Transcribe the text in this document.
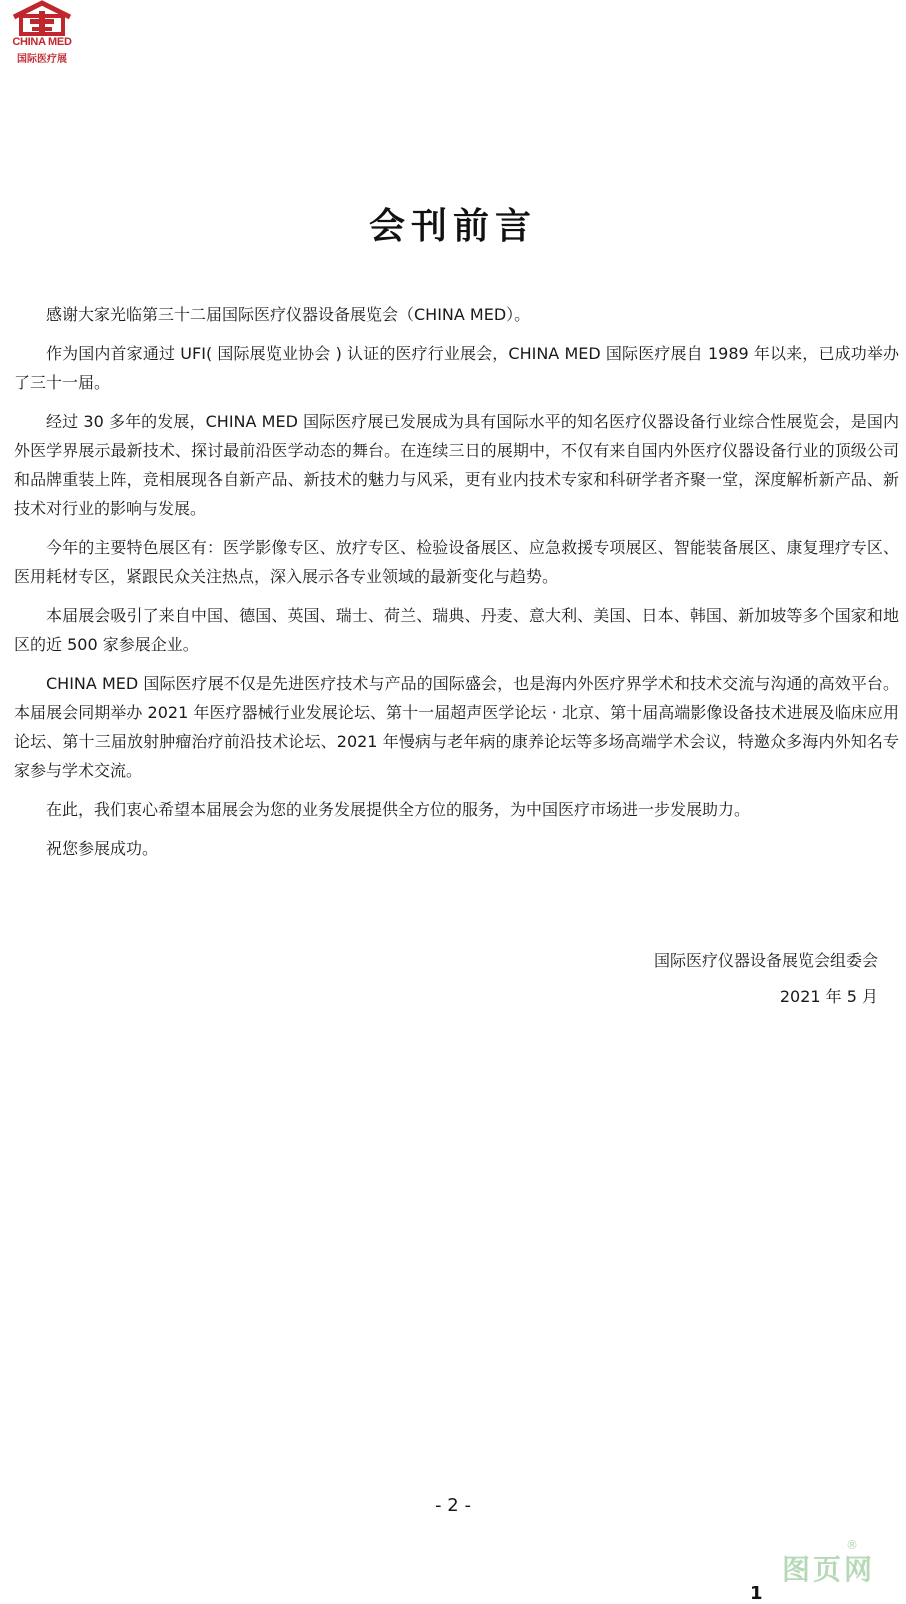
CHINA MED
国际医疗展
会刊前言

感谢大家光临第三十二届国际医疗仪器设备展览会（CHINA MED）。

作为国内首家通过 UFI( 国际展览业协会 ) 认证的医疗行业展会，CHINA MED 国际医疗展自 1989 年以来，已成功举办了三十一届。

经过 30 多年的发展，CHINA MED 国际医疗展已发展成为具有国际水平的知名医疗仪器设备行业综合性展览会，是国内外医学界展示最新技术、探讨最前沿医学动态的舞台。在连续三日的展期中，不仅有来自国内外医疗仪器设备行业的顶级公司和品牌重装上阵，竞相展现各自新产品、新技术的魅力与风采，更有业内技术专家和科研学者齐聚一堂，深度解析新产品、新技术对行业的影响与发展。

今年的主要特色展区有：医学影像专区、放疗专区、检验设备展区、应急救援专项展区、智能装备展区、康复理疗专区、医用耗材专区，紧跟民众关注热点，深入展示各专业领域的最新变化与趋势。

本届展会吸引了来自中国、德国、英国、瑞士、荷兰、瑞典、丹麦、意大利、美国、日本、韩国、新加坡等多个国家和地区的近 500 家参展企业。

CHINA MED 国际医疗展不仅是先进医疗技术与产品的国际盛会，也是海内外医疗界学术和技术交流与沟通的高效平台。本届展会同期举办 2021 年医疗器械行业发展论坛、第十一届超声医学论坛 · 北京、第十届高端影像设备技术进展及临床应用论坛、第十三届放射肿瘤治疗前沿技术论坛、2021 年慢病与老年病的康养论坛等多场高端学术会议，特邀众多海内外知名专家参与学术交流。

在此，我们衷心希望本届展会为您的业务发展提供全方位的服务，为中国医疗市场进一步发展助力。

祝您参展成功。

国际医疗仪器设备展览会组委会
2021 年 5 月
- 2 -
图页网
®
1
